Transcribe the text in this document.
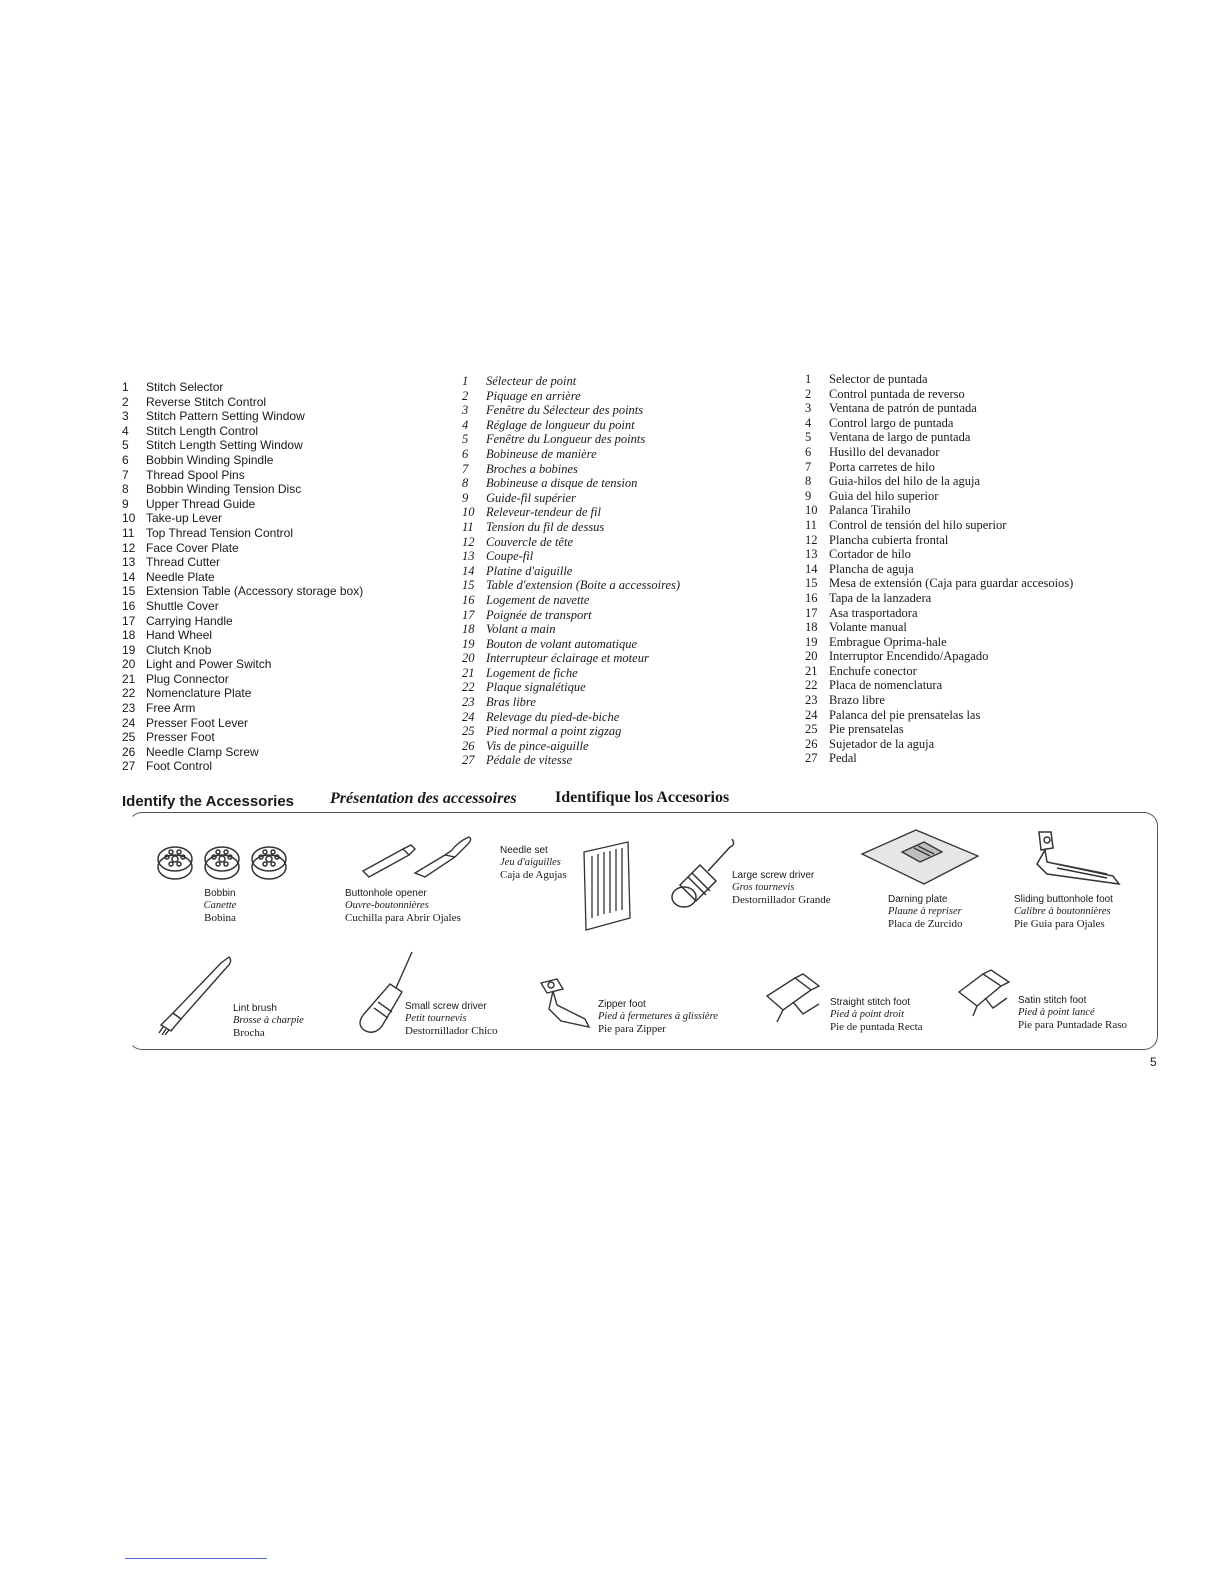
1	Stitch Selector
2	Reverse Stitch Control
3	Stitch Pattern Setting Window
4	Stitch Length Control
5	Stitch Length Setting Window
6	Bobbin Winding Spindle
7	Thread Spool Pins
8	Bobbin Winding Tension Disc
9	Upper Thread Guide
10 Take-up Lever
11 Top Thread Tension Control
12 Face Cover Plate
13 Thread Cutter
14 Needle Plate
15 Extension Table (Accessory storage box)
16 Shuttle Cover
17 Carrying Handle
18 Hand Wheel
19 Clutch Knob
20 Light and Power Switch
21 Plug Connector
22 Nomenclature Plate
23 Free Arm
24 Presser Foot Lever
25 Presser Foot
26 Needle Clamp Screw
27 Foot Control
1	Sélecteur de point
2	Piquage en arrière
3	Fenêtre du Sélecteur des points
4	Réglage de longueur du point
5	Fenêtre du Longueur des points
6	Bobineuse de manière
7	Broches a bobines
8	Bobineuse a disque de tension
9	Guide-fil supérier
10 Releveur-tendeur de fil
11 Tension du fil de dessus
12 Couvercle de tête
13 Coupe-fil
14 Platine d'aiguille
15 Table d'extension (Boite a accessoires)
16 Logement de navette
17 Poignée de transport
18 Volant a main
19 Bouton de volant automatique
20 Interrupteur éclairage et moteur
21 Logement de fiche
22 Plaque signalétique
23 Bras libre
24 Relevage du pied-de-biche
25 Pied normal a point zigzag
26 Vis de pince-aiguille
27 Pédale de vitesse
1	Selector de puntada
2	Control puntada de reverso
3	Ventana de patrón de puntada
4	Control largo de puntada
5	Ventana de largo de puntada
6	Husillo del devanador
7	Porta carretes de hilo
8	Guia-hilos del hilo de la aguja
9	Guia del hilo superior
10 Palanca Tirahilo
11 Control de tensión del hilo superior
12 Plancha cubierta frontal
13 Cortador de hilo
14 Plancha de aguja
15 Mesa de extensión (Caja para guardar accesoios)
16 Tapa de la lanzadera
17 Asa trasportadora
18 Volante manual
19 Embrague Oprima-hale
20 Interruptor Encendido/Apagado
21 Enchufe conector
22 Placa de nomenclatura
23 Brazo libre
24 Palanca del pie prensatelas las
25 Pie prensatelas
26 Sujetador de la aguja
27 Pedal
Identify the Accessories Présentation des accessoires Identifique los Accesorios
Bobbin
Canette
Bobina
Buttonhole opener
Ouvre-boutonnières
Cuchilla para Abrir Ojales
Needle set
Jeu d'aiguilles
Caja de Agujas	Large screw driver
Gros tournevis
Destornillador Grande	Darning plate
Plaune à repriser
Placa de Zurcido
Sliding buttonhole foot
Calibre à boutonnières
Pie Guia para Ojales
Lint brush
Brosse à charpie
Brocha
Small screw driver
Petit tournevis
Destornillador Chico
Zipper foot
Pied à fermetures à glissière
Pie para Zipper
Straight stitch foot
Pied à point droit
Pie de puntada Recta
Satin stitch foot
Pied à point lancé
Pie para Puntadade Raso
5
